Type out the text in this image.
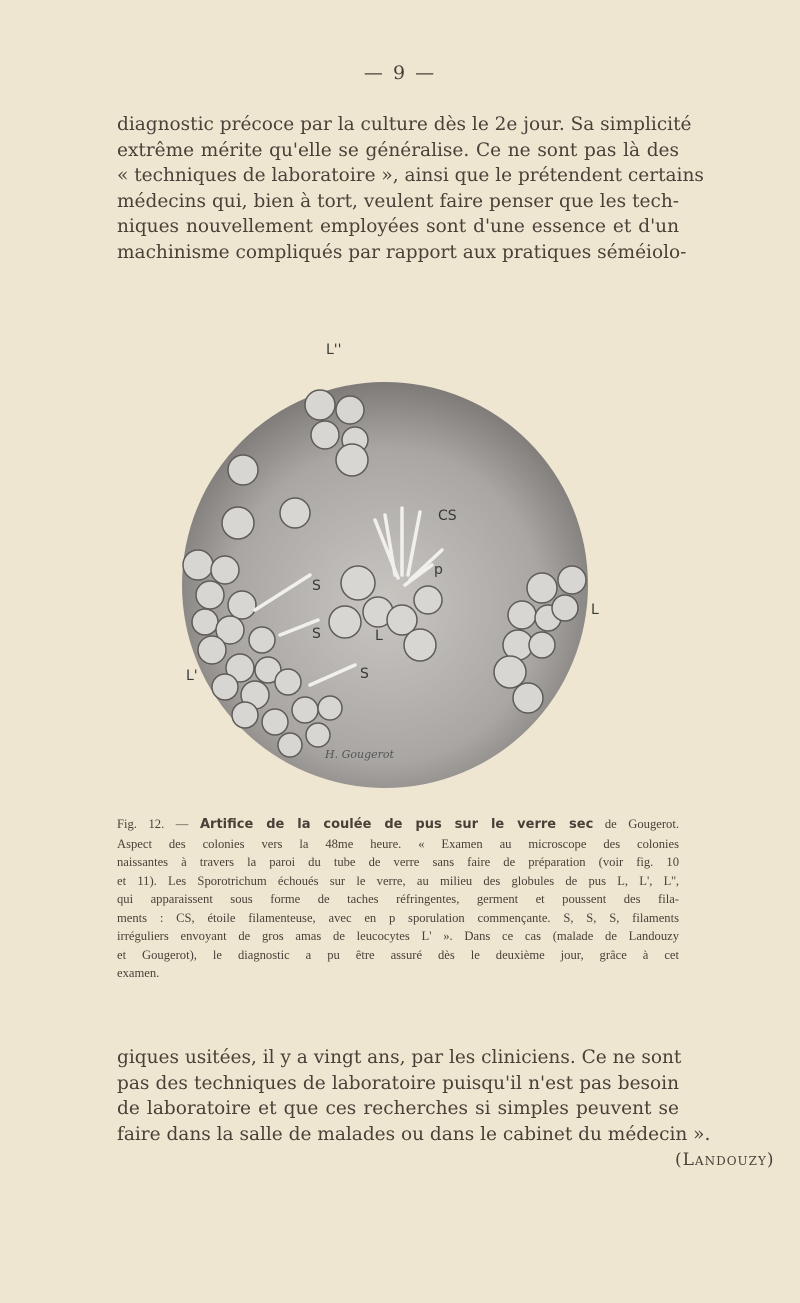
— 9 —
diagnostic précoce par la culture dès le 2e jour. Sa simplicité
extrême mérite qu'elle se généralise. Ce ne sont pas là des
« techniques de laboratoire », ainsi que le prétendent certains
médecins qui, bien à tort, veulent faire penser que les tech-
niques nouvellement employées sont d'une essence et d'un
machinisme compliqués par rapport aux pratiques séméiolo-
H. Gougerot
L''
L'
L
CS
p
S
S
S
L
Fig. 12. — Artifice de la coulée de pus sur le verre sec de Gougerot.
Aspect des colonies vers la 48me heure. « Examen au microscope des colonies
naissantes à travers la paroi du tube de verre sans faire de préparation (voir fig. 10
et 11). Les Sporotrichum échoués sur le verre, au milieu des globules de pus L, L', L'',
qui apparaissent sous forme de taches réfringentes, germent et poussent des fila-
ments : CS, étoile filamenteuse, avec en p sporulation commençante. S, S, S, filaments
irréguliers envoyant de gros amas de leucocytes L' ». Dans ce cas (malade de Landouzy
et Gougerot), le diagnostic a pu être assuré dès le deuxième jour, grâce à cet
examen.
giques usitées, il y a vingt ans, par les cliniciens. Ce ne sont
pas des techniques de laboratoire puisqu'il n'est pas besoin
de laboratoire et que ces recherches si simples peuvent se
faire dans la salle de malades ou dans le cabinet du médecin ».
(Landouzy)
